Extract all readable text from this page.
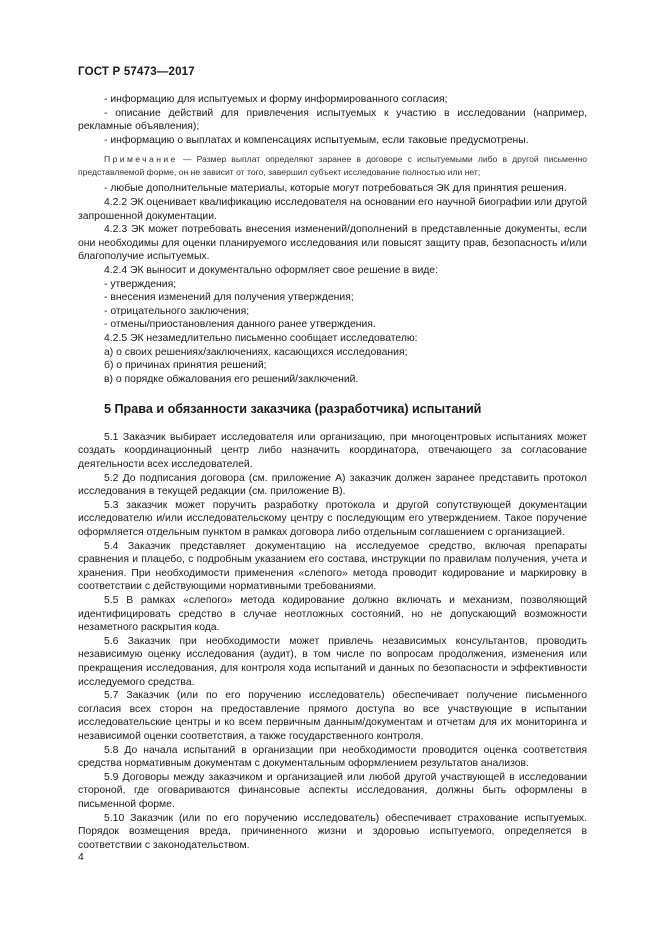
ГОСТ Р 57473—2017

- информацию для испытуемых и форму информированного согласия;

- описание действий для привлечения испытуемых к участию в исследовании (например, рекламные объявления);

- информацию о выплатах и компенсациях испытуемым, если таковые предусмотрены.

Примечание — Размер выплат определяют заранее в договоре с испытуемыми либо в другой письменно представляемой форме, он не зависит от того, завершил субъект исследование полностью или нет;

- любые дополнительные материалы, которые могут потребоваться ЭК для принятия решения.

4.2.2 ЭК оценивает квалификацию исследователя на основании его научной биографии или другой запрошенной документации.

4.2.3 ЭК может потребовать внесения изменений/дополнений в представленные документы, если они необходимы для оценки планируемого исследования или повысят защиту прав, безопасность и/или благополучие испытуемых.

4.2.4 ЭК выносит и документально оформляет свое решение в виде:

- утверждения;

- внесения изменений для получения утверждения;

- отрицательного заключения;

- отмены/приостановления данного ранее утверждения.

4.2.5 ЭК незамедлительно письменно сообщает исследователю:

а) о своих решениях/заключениях, касающихся исследования;

б) о причинах принятия решений;

в) о порядке обжалования его решений/заключений.

5 Права и обязанности заказчика (разработчика) испытаний

5.1 Заказчик выбирает исследователя или организацию, при многоцентровых испытаниях может создать координационный центр либо назначить координатора, отвечающего за согласование деятельности всех исследователей.

5.2 До подписания договора (см. приложение А) заказчик должен заранее представить протокол исследования в текущей редакции (см. приложение В).

5.3 заказчик может поручить разработку протокола и другой сопутствующей документации исследователю и/или исследовательскому центру с последующим его утверждением. Такое поручение оформляется отдельным пунктом в рамках договора либо отдельным соглашением с организацией.

5.4 Заказчик представляет документацию на исследуемое средство, включая препараты сравнения и плацебо, с подробным указанием его состава, инструкции по правилам получения, учета и хранения. При необходимости применения «слепого» метода проводит кодирование и маркировку в соответствии с действующими нормативными требованиями.

5.5 В рамках «слепого» метода кодирование должно включать и механизм, позволяющий идентифицировать средство в случае неотложных состояний, но не допускающий возможности незаметного раскрытия кода.

5.6 Заказчик при необходимости может привлечь независимых консультантов, проводить независимую оценку исследования (аудит), в том числе по вопросам продолжения, изменения или прекращения исследования, для контроля хода испытаний и данных по безопасности и эффективности исследуемого средства.

5.7 Заказчик (или по его поручению исследователь) обеспечивает получение письменного согласия всех сторон на предоставление прямого доступа во все участвующие в испытании исследовательские центры и ко всем первичным данным/документам и отчетам для их мониторинга и независимой оценки соответствия, а также государственного контроля.

5.8 До начала испытаний в организации при необходимости проводится оценка соответствия средства нормативным документам с документальным оформлением результатов анализов.

5.9 Договоры между заказчиком и организацией или любой другой участвующей в исследовании стороной, где оговариваются финансовые аспекты исследования, должны быть оформлены в письменной форме.

5.10 Заказчик (или по его поручению исследователь) обеспечивает страхование испытуемых. Порядок возмещения вреда, причиненного жизни и здоровью испытуемого, определяется в соответствии с законодательством.

4
